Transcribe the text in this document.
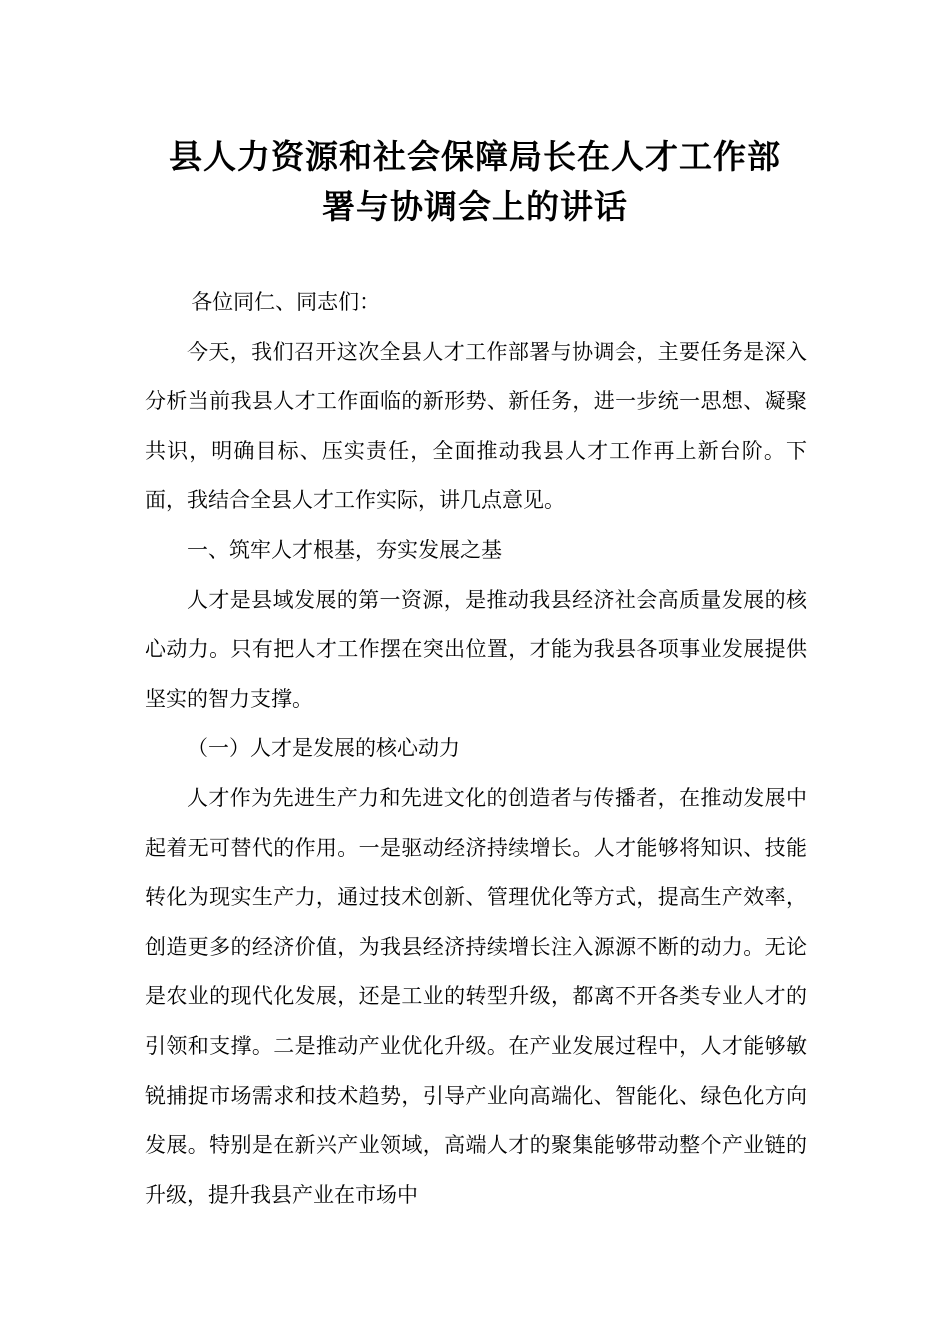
县人力资源和社会保障局长在人才工作部
署与协调会上的讲话

各位同仁、同志们：

今天，我们召开这次全县人才工作部署与协调会，主要任务是深入分析当前我县人才工作面临的新形势、新任务，进一步统一思想、凝聚共识，明确目标、压实责任，全面推动我县人才工作再上新台阶。下面，我结合全县人才工作实际，讲几点意见。

一、筑牢人才根基，夯实发展之基

人才是县域发展的第一资源，是推动我县经济社会高质量发展的核心动力。只有把人才工作摆在突出位置，才能为我县各项事业发展提供坚实的智力支撑。

（一）人才是发展的核心动力

人才作为先进生产力和先进文化的创造者与传播者，在推动发展中起着无可替代的作用。一是驱动经济持续增长。人才能够将知识、技能转化为现实生产力，通过技术创新、管理优化等方式，提高生产效率，创造更多的经济价值，为我县经济持续增长注入源源不断的动力。无论是农业的现代化发展，还是工业的转型升级，都离不开各类专业人才的引领和支撑。二是推动产业优化升级。在产业发展过程中，人才能够敏锐捕捉市场需求和技术趋势，引导产业向高端化、智能化、绿色化方向发展。特别是在新兴产业领域，高端人才的聚集能够带动整个产业链的升级，提升我县产业在市场中
